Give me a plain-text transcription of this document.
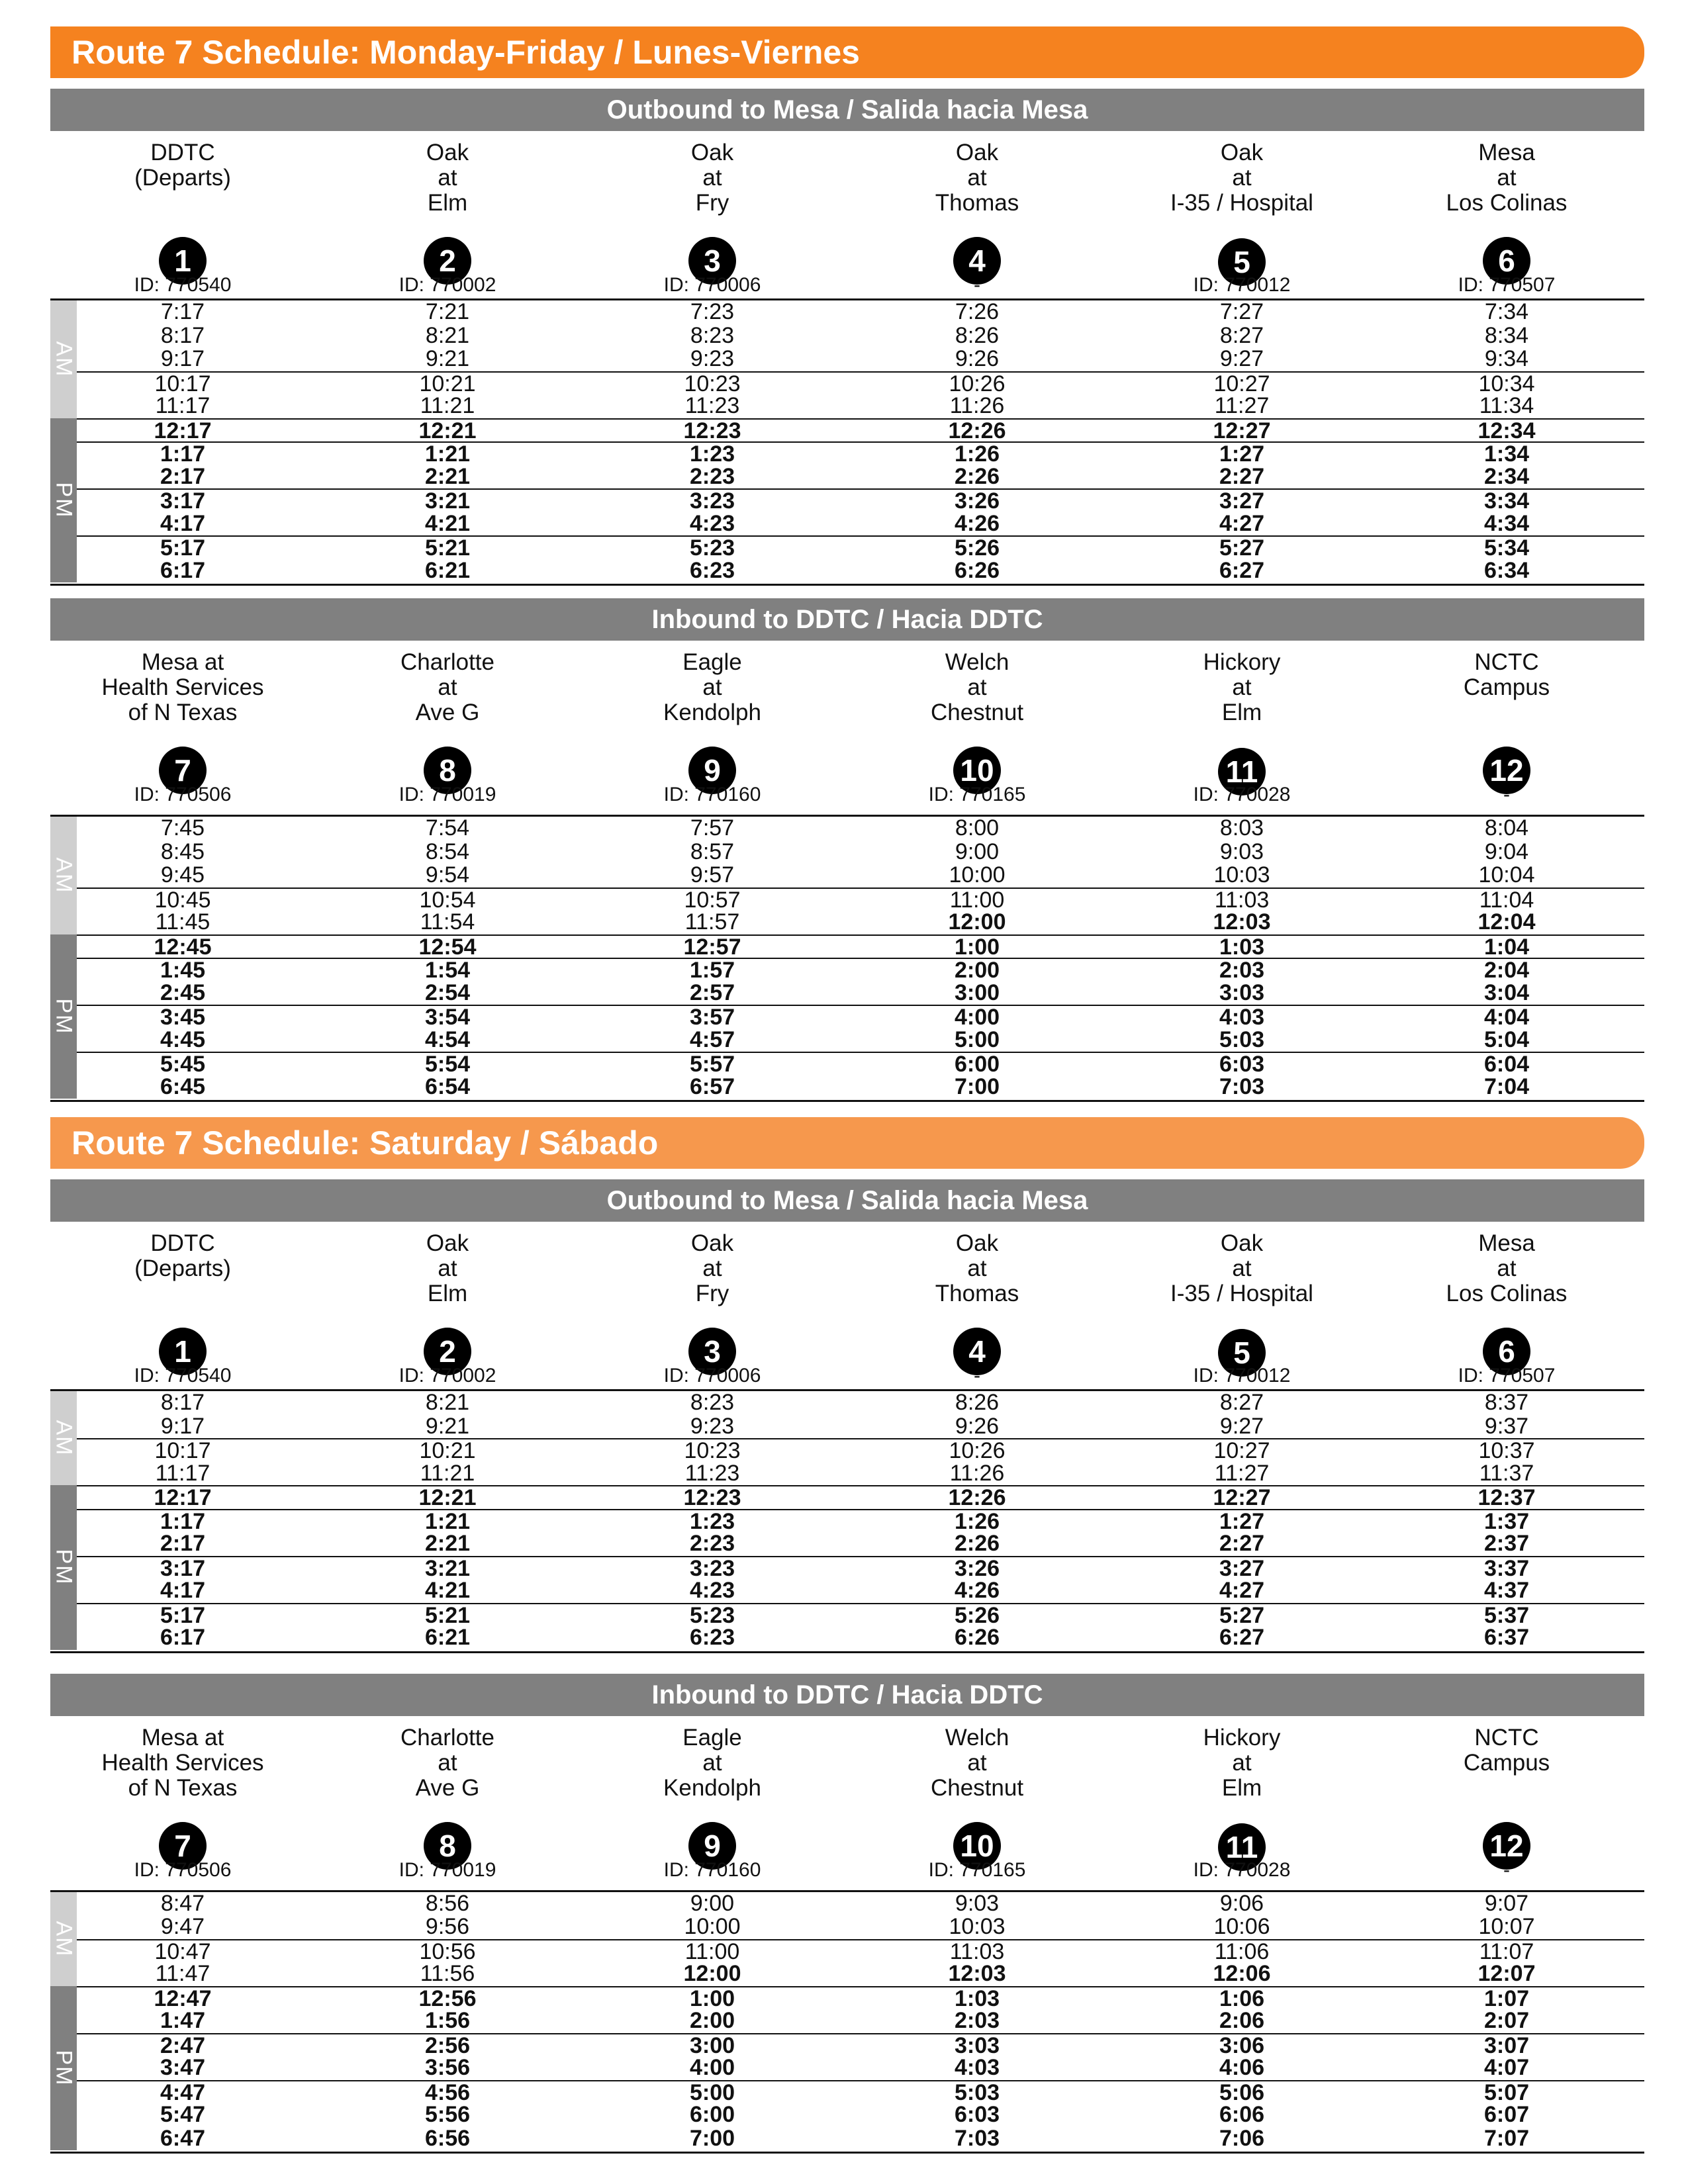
Route 7 Schedule: Monday-Friday / Lunes-Viernes
Outbound to Mesa / Salida hacia Mesa
DDTC
(Departs)
1
ID: 770540
Oak
at
Elm
2
ID: 770002
Oak
at
Fry
3
ID: 770006
Oak
at
Thomas
4
-
Oak
at
I-35 / Hospital
5
ID: 770012
Mesa
at
Los Colinas
6
ID: 770507
AM
PM
7:17	7:21	7:23	7:26	7:27	7:34
8:17	8:21	8:23	8:26	8:27	8:34
9:17	9:21	9:23	9:26	9:27	9:34
10:17	10:21	10:23	10:26	10:27	10:34
11:17	11:21	11:23	11:26	11:27	11:34
12:17	12:21	12:23	12:26	12:27	12:34
1:17	1:21	1:23	1:26	1:27	1:34
2:17	2:21	2:23	2:26	2:27	2:34
3:17	3:21	3:23	3:26	3:27	3:34
4:17	4:21	4:23	4:26	4:27	4:34
5:17	5:21	5:23	5:26	5:27	5:34
6:17	6:21	6:23	6:26	6:27	6:34
Inbound to DDTC / Hacia DDTC
Mesa at
Health Services
of N Texas
7
ID: 770506
Charlotte
at
Ave G
8
ID: 770019
Eagle
at
Kendolph
9
ID: 770160
Welch
at
Chestnut
10
ID: 770165
Hickory
at
Elm
11
ID: 770028
NCTC
Campus
12
-
AM
PM
7:45	7:54	7:57	8:00	8:03	8:04
8:45	8:54	8:57	9:00	9:03	9:04
9:45	9:54	9:57	10:00	10:03	10:04
10:45	10:54	10:57	11:00	11:03	11:04
11:45	11:54	11:57	12:00	12:03	12:04
12:45	12:54	12:57	1:00	1:03	1:04
1:45	1:54	1:57	2:00	2:03	2:04
2:45	2:54	2:57	3:00	3:03	3:04
3:45	3:54	3:57	4:00	4:03	4:04
4:45	4:54	4:57	5:00	5:03	5:04
5:45	5:54	5:57	6:00	6:03	6:04
6:45	6:54	6:57	7:00	7:03	7:04
Route 7 Schedule: Saturday / Sábado
Outbound to Mesa / Salida hacia Mesa
DDTC
(Departs)
1
ID: 770540
Oak
at
Elm
2
ID: 770002
Oak
at
Fry
3
ID: 770006
Oak
at
Thomas
4
-
Oak
at
I-35 / Hospital
5
ID: 770012
Mesa
at
Los Colinas
6
ID: 770507
AM
PM
8:17	8:21	8:23	8:26	8:27	8:37
9:17	9:21	9:23	9:26	9:27	9:37
10:17	10:21	10:23	10:26	10:27	10:37
11:17	11:21	11:23	11:26	11:27	11:37
12:17	12:21	12:23	12:26	12:27	12:37
1:17	1:21	1:23	1:26	1:27	1:37
2:17	2:21	2:23	2:26	2:27	2:37
3:17	3:21	3:23	3:26	3:27	3:37
4:17	4:21	4:23	4:26	4:27	4:37
5:17	5:21	5:23	5:26	5:27	5:37
6:17	6:21	6:23	6:26	6:27	6:37
Inbound to DDTC / Hacia DDTC
Mesa at
Health Services
of N Texas
7
ID: 770506
Charlotte
at
Ave G
8
ID: 770019
Eagle
at
Kendolph
9
ID: 770160
Welch
at
Chestnut
10
ID: 770165
Hickory
at
Elm
11
ID: 770028
NCTC
Campus
12
-
AM
PM
8:47	8:56	9:00	9:03	9:06	9:07
9:47	9:56	10:00	10:03	10:06	10:07
10:47	10:56	11:00	11:03	11:06	11:07
11:47	11:56	12:00	12:03	12:06	12:07
12:47	12:56	1:00	1:03	1:06	1:07
1:47	1:56	2:00	2:03	2:06	2:07
2:47	2:56	3:00	3:03	3:06	3:07
3:47	3:56	4:00	4:03	4:06	4:07
4:47	4:56	5:00	5:03	5:06	5:07
5:47	5:56	6:00	6:03	6:06	6:07
6:47	6:56	7:00	7:03	7:06	7:07
